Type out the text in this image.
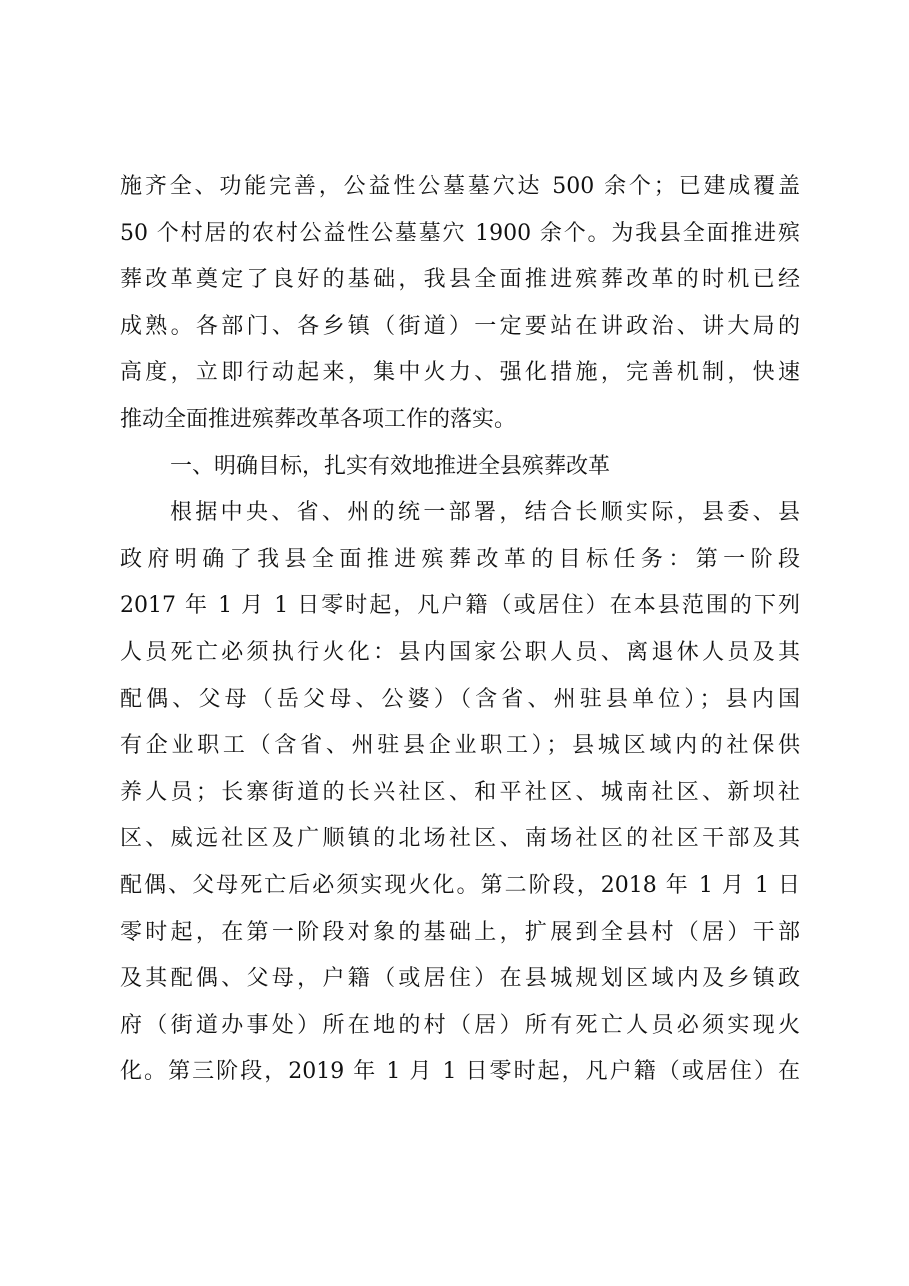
施齐全、功能完善，公益性公墓墓穴达 500 余个；已建成覆盖
50 个村居的农村公益性公墓墓穴 1900 余个。为我县全面推进殡
葬改革奠定了良好的基础，我县全面推进殡葬改革的时机已经
成熟。各部门、各乡镇（街道）一定要站在讲政治、讲大局的
高度，立即行动起来，集中火力、强化措施，完善机制，快速
推动全面推进殡葬改革各项工作的落实。
一、明确目标，扎实有效地推进全县殡葬改革
根据中央、省、州的统一部署，结合长顺实际，县委、县
政府明确了我县全面推进殡葬改革的目标任务：第一阶段
2017 年 1 月 1 日零时起，凡户籍（或居住）在本县范围的下列
人员死亡必须执行火化：县内国家公职人员、离退休人员及其
配偶、父母（岳父母、公婆）（含省、州驻县单位）；县内国
有企业职工（含省、州驻县企业职工）；县城区域内的社保供
养人员；长寨街道的长兴社区、和平社区、城南社区、新坝社
区、威远社区及广顺镇的北场社区、南场社区的社区干部及其
配偶、父母死亡后必须实现火化。第二阶段，2018 年 1 月 1 日
零时起，在第一阶段对象的基础上，扩展到全县村（居）干部
及其配偶、父母，户籍（或居住）在县城规划区域内及乡镇政
府（街道办事处）所在地的村（居）所有死亡人员必须实现火
化。第三阶段，2019 年 1 月 1 日零时起，凡户籍（或居住）在
